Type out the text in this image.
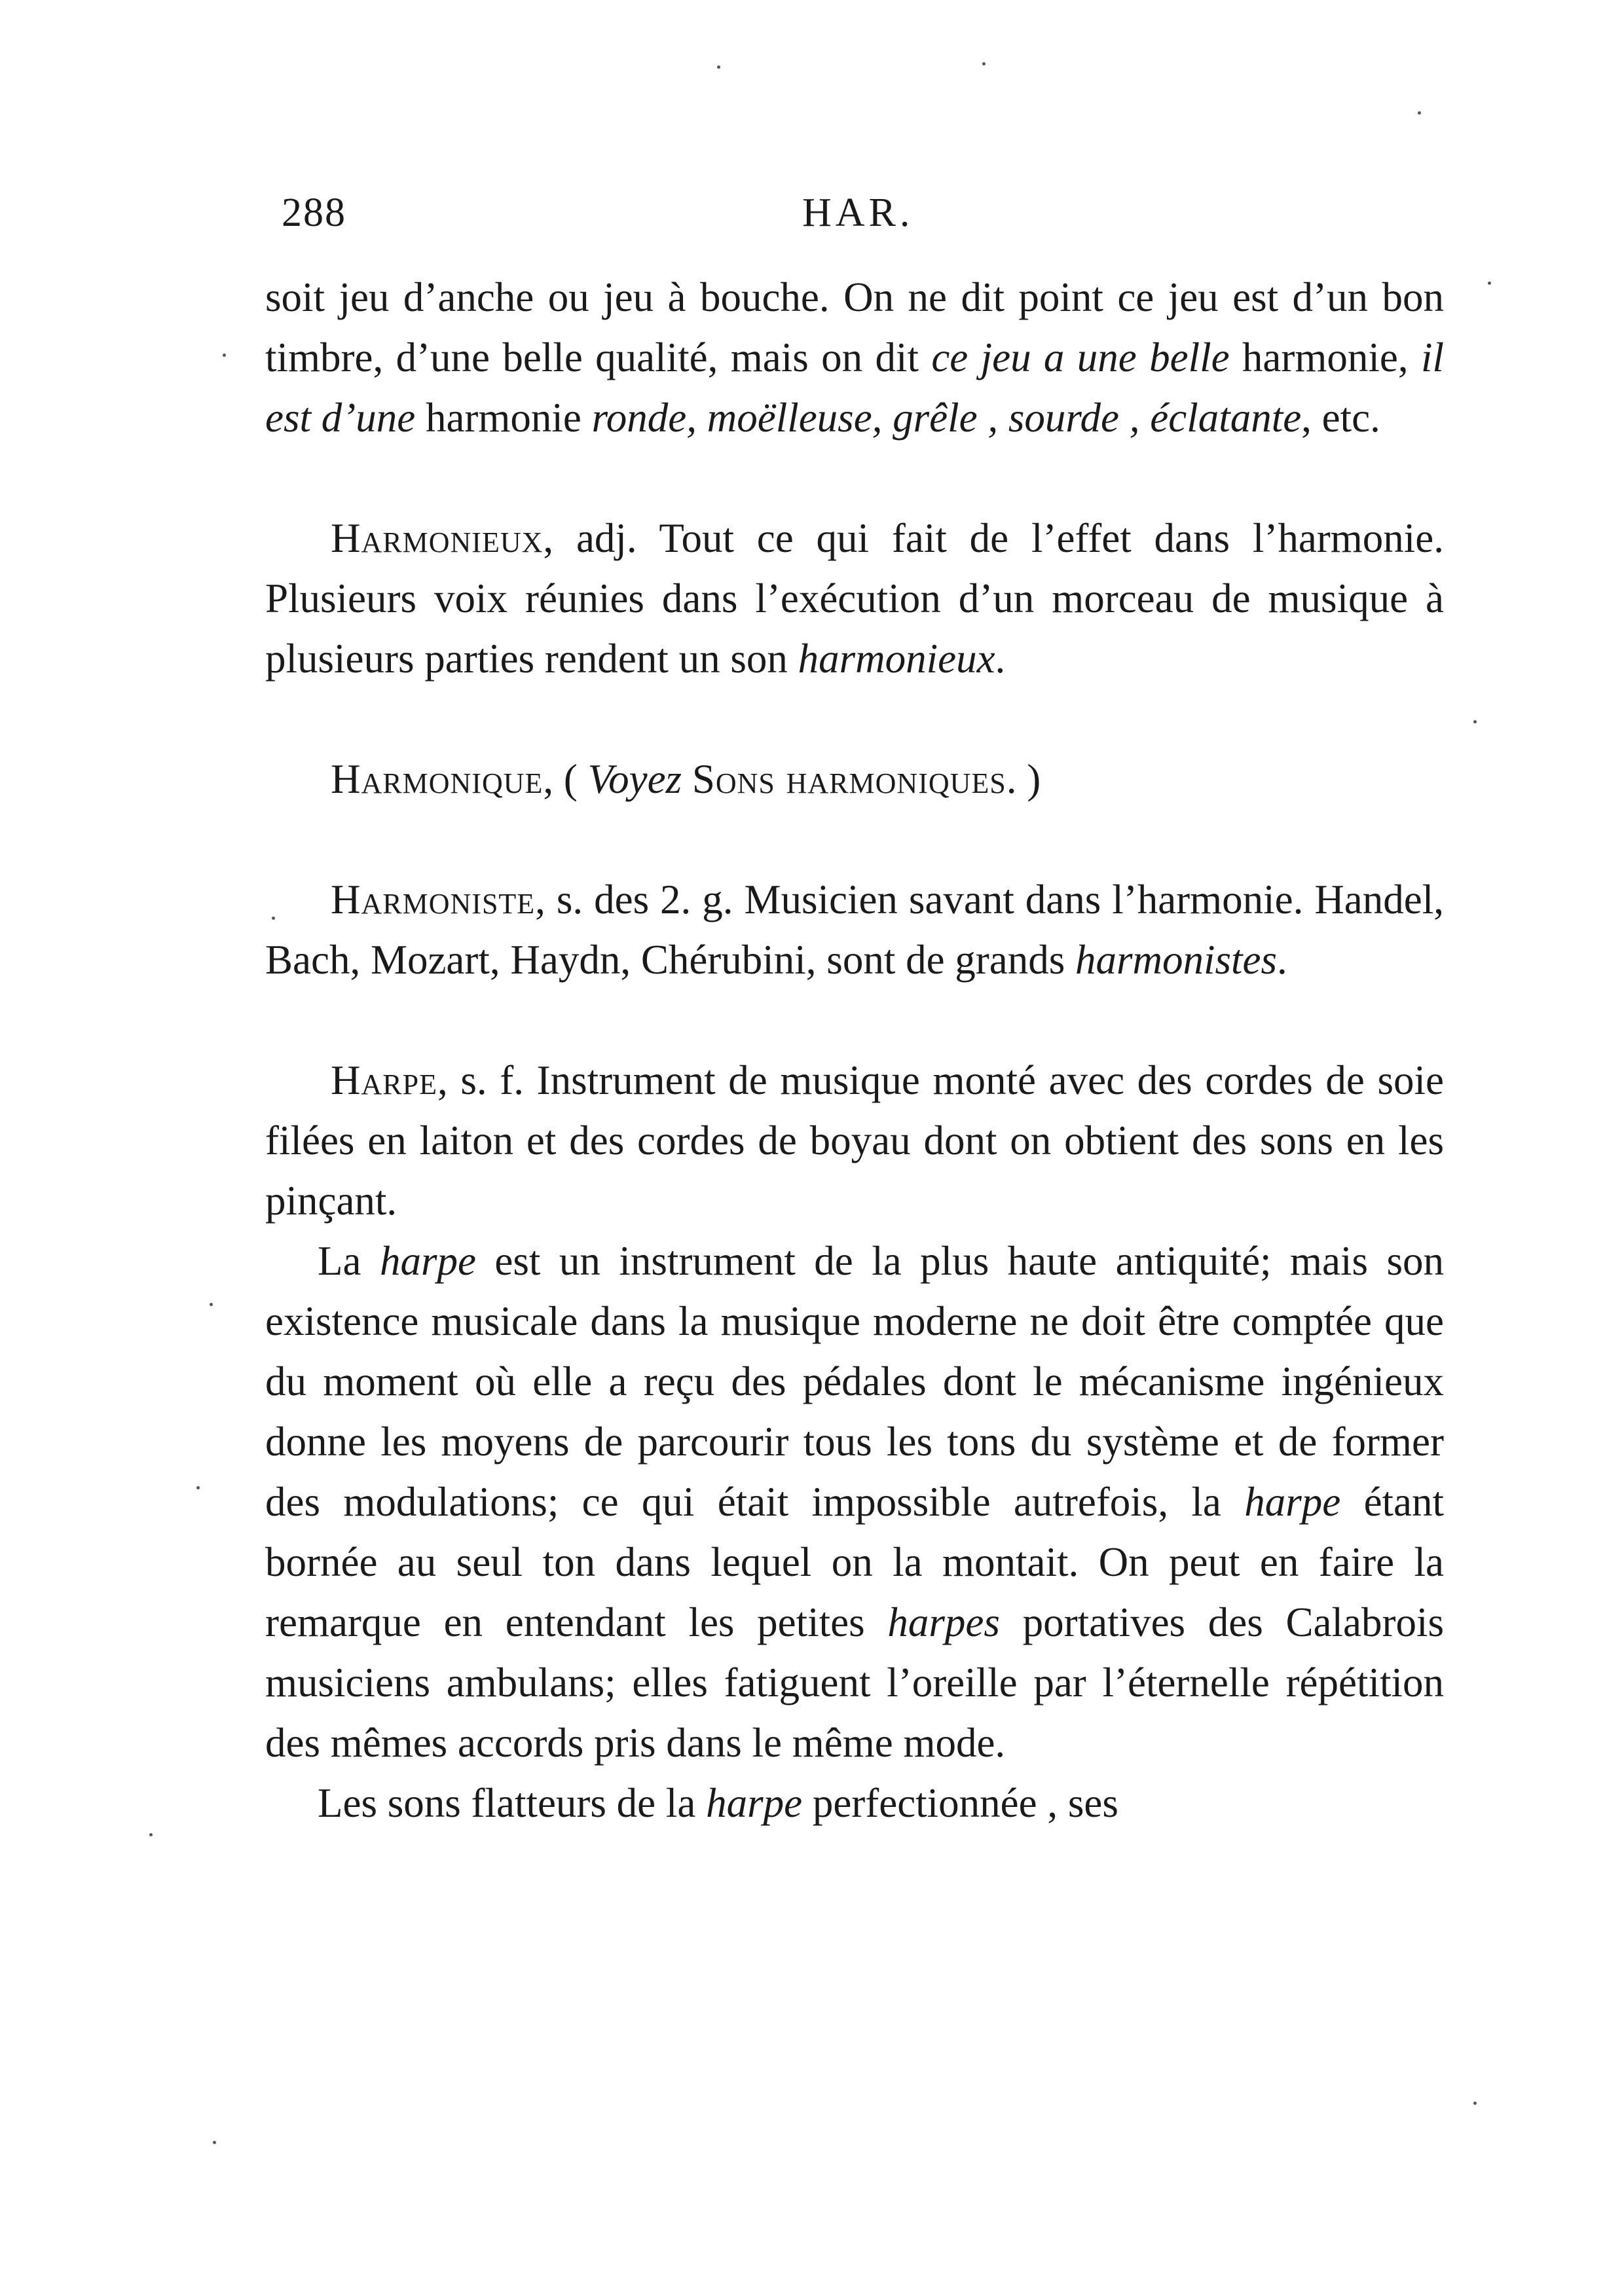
288	HAR.

soit jeu d’anche ou jeu à bouche. On ne dit point ce jeu est d’un bon timbre, d’une belle qualité, mais on dit ce jeu a une belle harmonie, il est d’une harmonie ronde, moëlleuse, grêle , sourde , éclatante, etc.

Harmonieux, adj. Tout ce qui fait de l’effet dans l’harmonie. Plusieurs voix réunies dans l’exécution d’un morceau de musique à plusieurs parties rendent un son harmonieux.

Harmonique, ( Voyez Sons harmoniques. )

Harmoniste, s. des 2. g. Musicien savant dans l’harmonie. Handel, Bach, Mozart, Haydn, Chérubini, sont de grands harmonistes.

Harpe, s. f. Instrument de musique monté avec des cordes de soie filées en laiton et des cordes de boyau dont on obtient des sons en les pinçant.

La harpe est un instrument de la plus haute antiquité; mais son existence musicale dans la musique moderne ne doit être comptée que du moment où elle a reçu des pédales dont le mécanisme ingénieux donne les moyens de parcourir tous les tons du système et de former des modulations; ce qui était impossible autrefois, la harpe étant bornée au seul ton dans lequel on la montait. On peut en faire la remarque en entendant les petites harpes portatives des Calabrois musiciens ambulans; elles fatiguent l’oreille par l’éternelle répétition des mêmes accords pris dans le même mode.

Les sons flatteurs de la harpe perfectionnée , ses
